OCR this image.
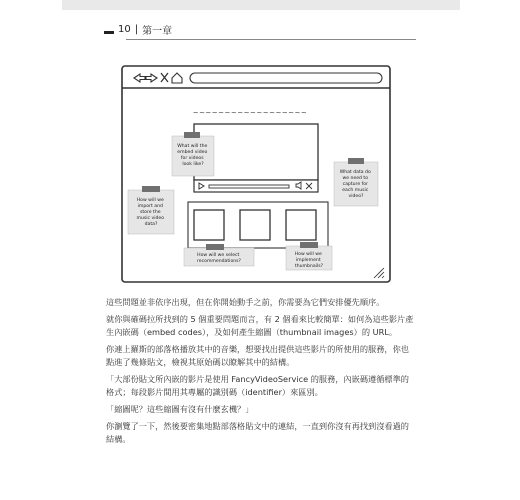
10 | 第一章
~~~~~~~~~~~~~~~~~~
What will the embed video for videos look like?
How will we import and store the music video data?
What data do we need to capture for each music video?
How will we select recommendations?
How will we implement thumbnails?

這些問題並非依序出現，但在你開始動手之前，你需要為它們安排優先順序。

就你與確碼拉所找到的 5 個重要問題而言，有 2 個看來比較簡單：如何為這些影片產生內嵌碼（embed codes），及如何產生縮圖（thumbnail images）的 URL。

你連上羅斯的部落格播放其中的音樂，想要找出提供這些影片的所使用的服務，你也點進了幾條貼文，檢視其原始碼以瞭解其中的結構。

「大部份貼文所內嵌的影片是使用 FancyVideoService 的服務，內嵌碼遵循標準的格式；每段影片間用其專屬的識別碼（identifier）來區別。

「縮圖呢？這些縮圖有沒有什麼玄機？」

你瀏覽了一下，然後要密集地點部落格貼文中的連結，一直到你沒有再找到沒看過的結構。
